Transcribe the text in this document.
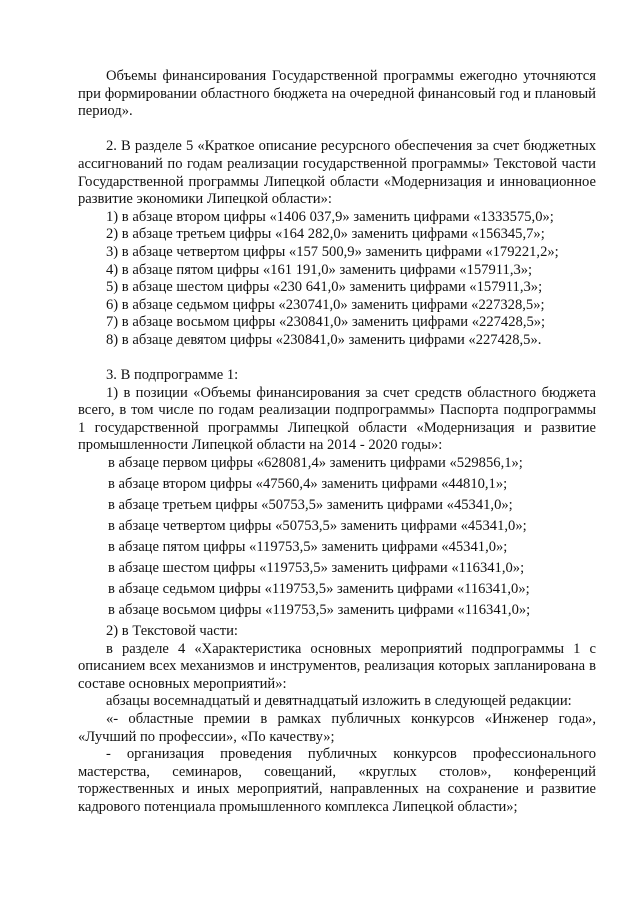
Объемы финансирования Государственной программы ежегодно уточняются при формировании областного бюджета на очередной финансовый год и плановый период».

2. В разделе 5 «Краткое описание ресурсного обеспечения за счет бюджетных ассигнований по годам реализации государственной программы» Текстовой части Государственной программы Липецкой области «Модернизация и инновационное развитие экономики Липецкой области»:

1) в абзаце втором цифры «1406 037,9» заменить цифрами «1333575,0»;

2) в абзаце третьем цифры «164 282,0» заменить цифрами «156345,7»;

3) в абзаце четвертом цифры «157 500,9» заменить цифрами «179221,2»;

4) в абзаце пятом цифры «161 191,0» заменить цифрами «157911,3»;

5) в абзаце шестом цифры «230 641,0» заменить цифрами «157911,3»;

6) в абзаце седьмом цифры «230741,0» заменить цифрами «227328,5»;

7) в абзаце восьмом цифры «230841,0» заменить цифрами «227428,5»;

8) в абзаце девятом цифры «230841,0» заменить цифрами «227428,5».

3. В подпрограмме 1:

1) в позиции «Объемы финансирования за счет средств областного бюджета всего, в том числе по годам реализации подпрограммы» Паспорта подпрограммы 1 государственной программы Липецкой области «Модернизация и развитие промышленности Липецкой области на 2014 - 2020 годы»:

в абзаце первом цифры «628081,4» заменить цифрами «529856,1»;

в абзаце втором цифры «47560,4» заменить цифрами «44810,1»;

в абзаце третьем цифры «50753,5» заменить цифрами «45341,0»;

в абзаце четвертом цифры «50753,5» заменить цифрами «45341,0»;

в абзаце пятом цифры «119753,5» заменить цифрами «45341,0»;

в абзаце шестом цифры «119753,5» заменить цифрами «116341,0»;

в абзаце седьмом цифры «119753,5» заменить цифрами «116341,0»;

в абзаце восьмом цифры «119753,5» заменить цифрами «116341,0»;

2) в Текстовой части:

в разделе 4 «Характеристика основных мероприятий подпрограммы 1 с описанием всех механизмов и инструментов, реализация которых запланирована в составе основных мероприятий»:

абзацы восемнадцатый и девятнадцатый изложить в следующей редакции:

«- областные премии в рамках публичных конкурсов «Инженер года», «Лучший по профессии», «По качеству»;

- организация проведения публичных конкурсов профессионального мастерства, семинаров, совещаний, «круглых столов», конференций торжественных и иных мероприятий, направленных на сохранение и развитие кадрового потенциала промышленного комплекса Липецкой области»;
